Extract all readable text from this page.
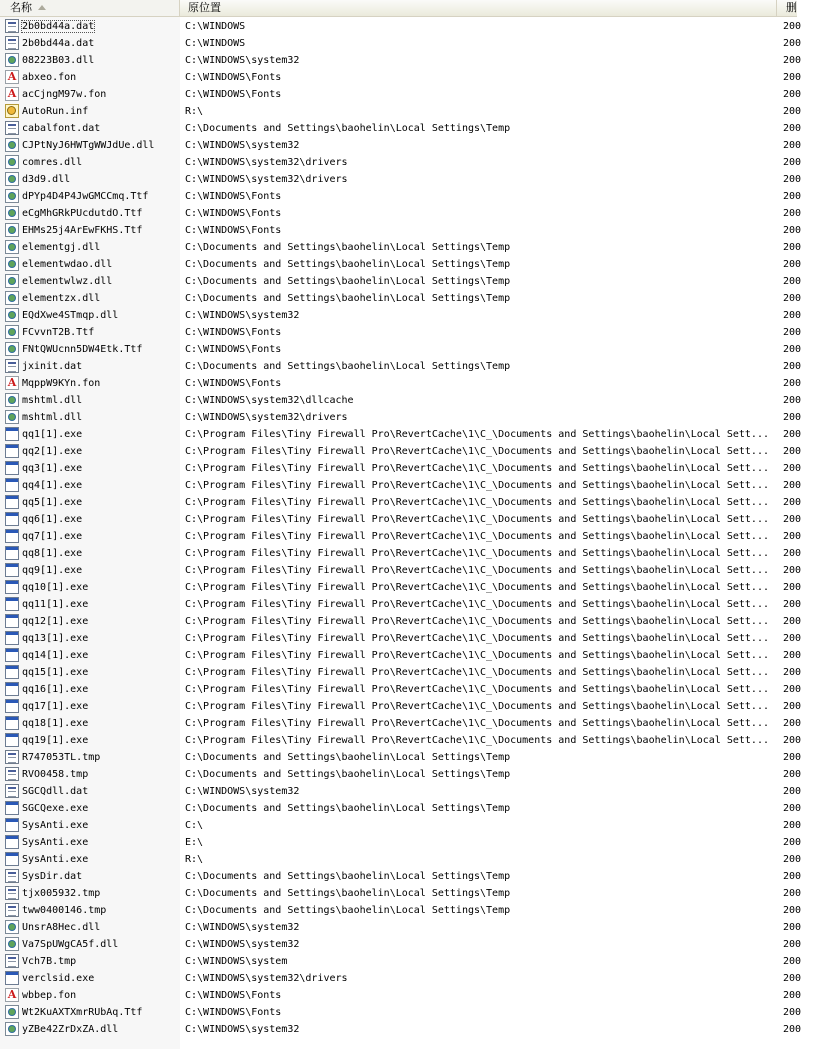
名称	原位置	删
2b0bd44a.dat	C:\WINDOWS	200
2b0bd44a.dat	C:\WINDOWS	200
08223B03.dll	C:\WINDOWS\system32	200
A
abxeo.fon	C:\WINDOWS\Fonts	200
A
acCjngM97w.fon	C:\WINDOWS\Fonts	200
AutoRun.inf	R:\	200
cabalfont.dat	C:\Documents and Settings\baohelin\Local Settings\Temp	200
CJPtNyJ6HWTgWWJdUe.dll	C:\WINDOWS\system32	200
comres.dll	C:\WINDOWS\system32\drivers	200
d3d9.dll	C:\WINDOWS\system32\drivers	200
dPYp4D4P4JwGMCCmq.Ttf	C:\WINDOWS\Fonts	200
eCgMhGRkPUcdutdO.Ttf	C:\WINDOWS\Fonts	200
EHMs25j4ArEwFKHS.Ttf	C:\WINDOWS\Fonts	200
elementgj.dll	C:\Documents and Settings\baohelin\Local Settings\Temp	200
elementwdao.dll	C:\Documents and Settings\baohelin\Local Settings\Temp	200
elementwlwz.dll	C:\Documents and Settings\baohelin\Local Settings\Temp	200
elementzx.dll	C:\Documents and Settings\baohelin\Local Settings\Temp	200
EQdXwe4STmqp.dll	C:\WINDOWS\system32	200
FCvvnT2B.Ttf	C:\WINDOWS\Fonts	200
FNtQWUcnn5DW4Etk.Ttf	C:\WINDOWS\Fonts	200
jxinit.dat	C:\Documents and Settings\baohelin\Local Settings\Temp	200
A
MqppW9KYn.fon	C:\WINDOWS\Fonts	200
mshtml.dll	C:\WINDOWS\system32\dllcache	200
mshtml.dll	C:\WINDOWS\system32\drivers	200
qq1[1].exe	C:\Program Files\Tiny Firewall Pro\RevertCache\1\C_\Documents and Settings\baohelin\Local Sett...	200
qq2[1].exe	C:\Program Files\Tiny Firewall Pro\RevertCache\1\C_\Documents and Settings\baohelin\Local Sett...	200
qq3[1].exe	C:\Program Files\Tiny Firewall Pro\RevertCache\1\C_\Documents and Settings\baohelin\Local Sett...	200
qq4[1].exe	C:\Program Files\Tiny Firewall Pro\RevertCache\1\C_\Documents and Settings\baohelin\Local Sett...	200
qq5[1].exe	C:\Program Files\Tiny Firewall Pro\RevertCache\1\C_\Documents and Settings\baohelin\Local Sett...	200
qq6[1].exe	C:\Program Files\Tiny Firewall Pro\RevertCache\1\C_\Documents and Settings\baohelin\Local Sett...	200
qq7[1].exe	C:\Program Files\Tiny Firewall Pro\RevertCache\1\C_\Documents and Settings\baohelin\Local Sett...	200
qq8[1].exe	C:\Program Files\Tiny Firewall Pro\RevertCache\1\C_\Documents and Settings\baohelin\Local Sett...	200
qq9[1].exe	C:\Program Files\Tiny Firewall Pro\RevertCache\1\C_\Documents and Settings\baohelin\Local Sett...	200
qq10[1].exe	C:\Program Files\Tiny Firewall Pro\RevertCache\1\C_\Documents and Settings\baohelin\Local Sett...	200
qq11[1].exe	C:\Program Files\Tiny Firewall Pro\RevertCache\1\C_\Documents and Settings\baohelin\Local Sett...	200
qq12[1].exe	C:\Program Files\Tiny Firewall Pro\RevertCache\1\C_\Documents and Settings\baohelin\Local Sett...	200
qq13[1].exe	C:\Program Files\Tiny Firewall Pro\RevertCache\1\C_\Documents and Settings\baohelin\Local Sett...	200
qq14[1].exe	C:\Program Files\Tiny Firewall Pro\RevertCache\1\C_\Documents and Settings\baohelin\Local Sett...	200
qq15[1].exe	C:\Program Files\Tiny Firewall Pro\RevertCache\1\C_\Documents and Settings\baohelin\Local Sett...	200
qq16[1].exe	C:\Program Files\Tiny Firewall Pro\RevertCache\1\C_\Documents and Settings\baohelin\Local Sett...	200
qq17[1].exe	C:\Program Files\Tiny Firewall Pro\RevertCache\1\C_\Documents and Settings\baohelin\Local Sett...	200
qq18[1].exe	C:\Program Files\Tiny Firewall Pro\RevertCache\1\C_\Documents and Settings\baohelin\Local Sett...	200
qq19[1].exe	C:\Program Files\Tiny Firewall Pro\RevertCache\1\C_\Documents and Settings\baohelin\Local Sett...	200
R747053TL.tmp	C:\Documents and Settings\baohelin\Local Settings\Temp	200
RVO0458.tmp	C:\Documents and Settings\baohelin\Local Settings\Temp	200
SGCQdll.dat	C:\WINDOWS\system32	200
SGCQexe.exe	C:\Documents and Settings\baohelin\Local Settings\Temp	200
SysAnti.exe	C:\	200
SysAnti.exe	E:\	200
SysAnti.exe	R:\	200
SysDir.dat	C:\Documents and Settings\baohelin\Local Settings\Temp	200
tjx005932.tmp	C:\Documents and Settings\baohelin\Local Settings\Temp	200
tww0400146.tmp	C:\Documents and Settings\baohelin\Local Settings\Temp	200
UnsrA8Hec.dll	C:\WINDOWS\system32	200
Va7SpUWgCA5f.dll	C:\WINDOWS\system32	200
Vch7B.tmp	C:\WINDOWS\system	200
verclsid.exe	C:\WINDOWS\system32\drivers	200
A
wbbep.fon	C:\WINDOWS\Fonts	200
Wt2KuAXTXmrRUbAq.Ttf	C:\WINDOWS\Fonts	200
yZBe42ZrDxZA.dll	C:\WINDOWS\system32	200
